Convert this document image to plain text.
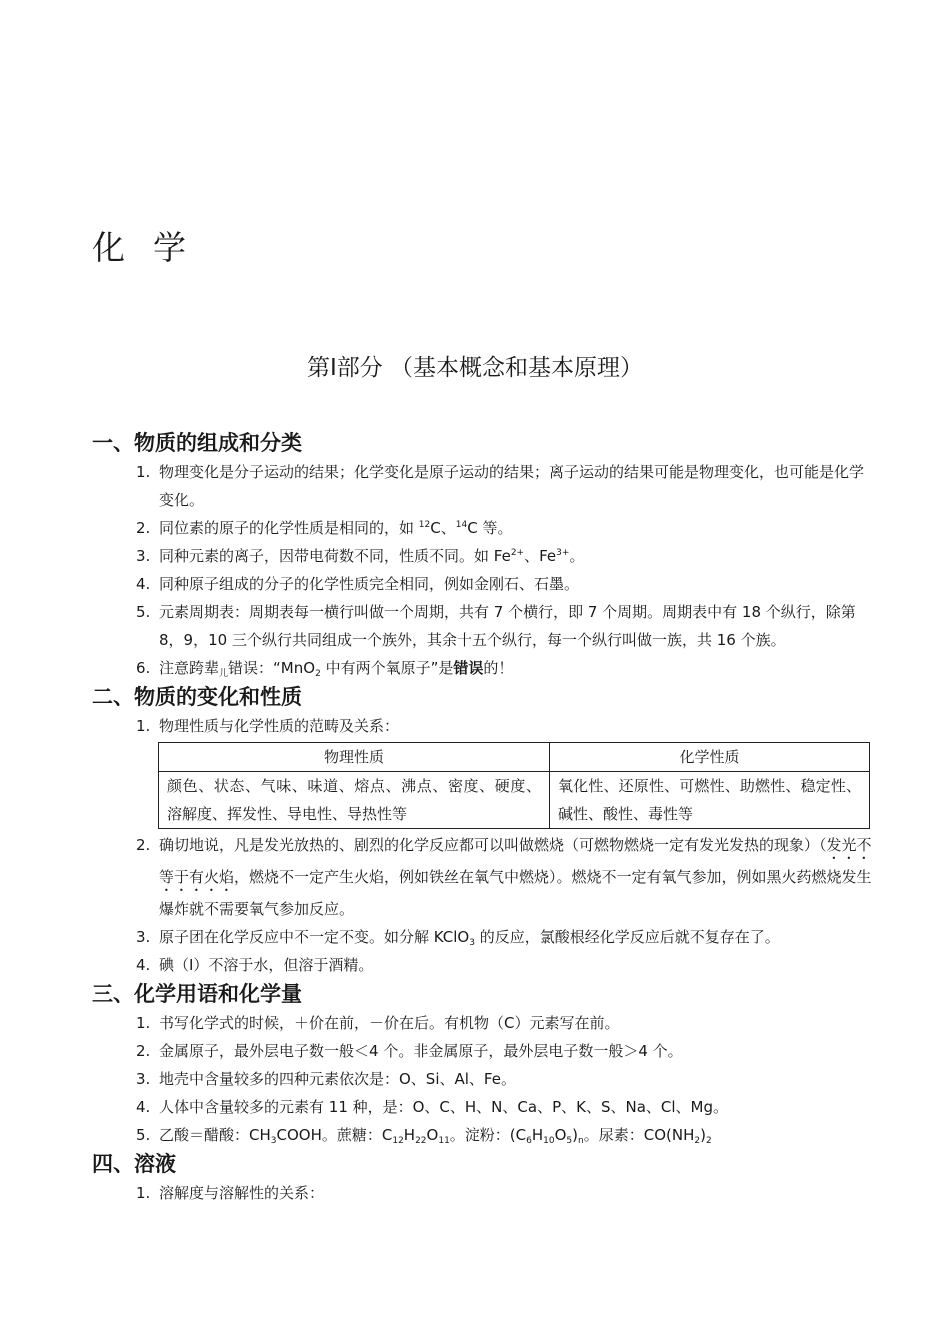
化学
第Ⅰ部分 （基本概念和基本原理）
一、物质的组成和分类
1. 物理变化是分子运动的结果；化学变化是原子运动的结果；离子运动的结果可能是物理变化，也可能是化学变化。
2. 同位素的原子的化学性质是相同的，如 $^{12}$C、$^{14}$C 等。
3. 同种元素的离子，因带电荷数不同，性质不同。如 $Fe^{2+}$、$Fe^{3+}$。
4. 同种原子组成的分子的化学性质完全相同，例如金刚石、石墨。
5. 元素周期表：周期表每一横行叫做一个周期，共有 7 个横行，即 7 个周期。周期表中有 18 个纵行，除第 8，9，10 三个纵行共同组成一个族外，其余十五个纵行，每一个纵行叫做一族，共 16 个族。
6. 注意跨辈$_儿$错误：“MnO$_2$ 中有两个氧原子”是错误的！
二、物质的变化和性质
1. 物理性质与化学性质的范畴及关系：
物理性质	化学性质
颜色、状态、气味、味道、熔点、沸点、密度、硬度、溶解度、挥发性、导电性、导热性等	氧化性、还原性、可燃性、助燃性、稳定性、碱性、酸性、毒性等
2. 确切地说，凡是发光放热的、剧烈的化学反应都可以叫做燃烧（可燃物燃烧一定有发光发热的现象）（发光不等于有火焰，燃烧不一定产生火焰，例如铁丝在氧气中燃烧）。燃烧不一定有氧气参加，例如黑火药燃烧发生爆炸就不需要氧气参加反应。
3. 原子团在化学反应中不一定不变。如分解 KClO$_3$ 的反应，氯酸根经化学反应后就不复存在了。
4. 碘（I）不溶于水，但溶于酒精。
三、化学用语和化学量
1. 书写化学式的时候，＋价在前，－价在后。有机物（C）元素写在前。
2. 金属原子，最外层电子数一般＜4 个。非金属原子，最外层电子数一般＞4 个。
3. 地壳中含量较多的四种元素依次是：O、Si、Al、Fe。
4. 人体中含量较多的元素有 11 种，是：O、C、H、N、Ca、P、K、S、Na、Cl、Mg。
5. 乙酸＝醋酸：$CH_3COOH$。蔗糖：$C_{12}H_{22}O_{11}$。淀粉：$(C_6H_{10}O_5)_n$。尿素：$CO(NH_2)_2$
四、溶液
1. 溶解度与溶解性的关系：
